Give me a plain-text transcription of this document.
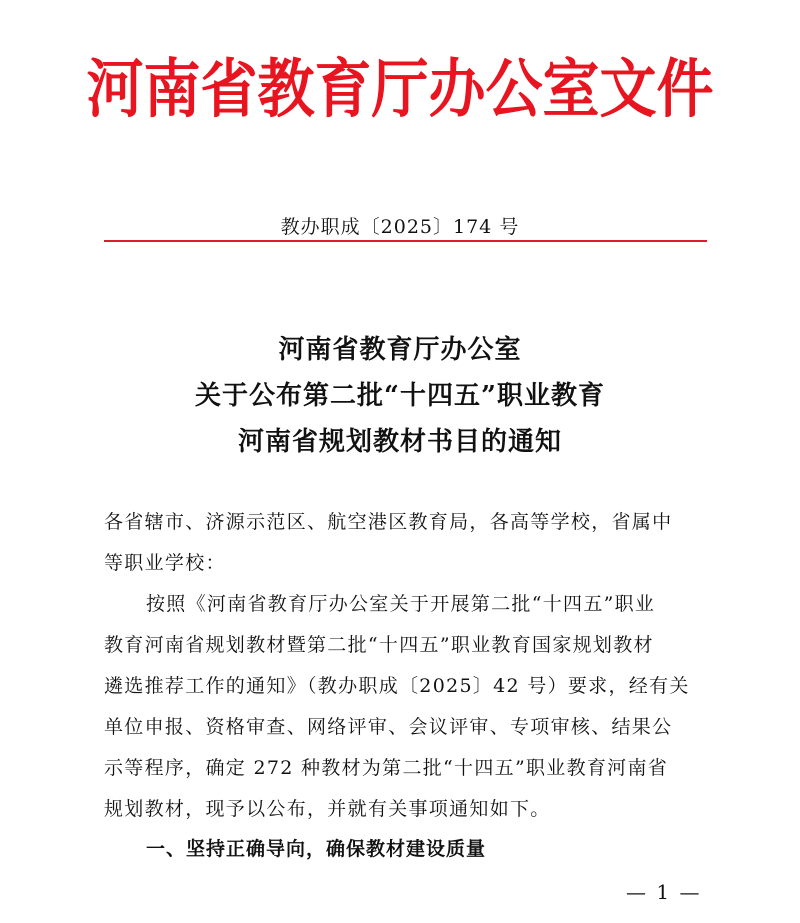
河南省教育厅办公室文件
教办职成〔2025〕174 号
河南省教育厅办公室
关于公布第二批“十四五”职业教育
河南省规划教材书目的通知
各省辖市、济源示范区、航空港区教育局，各高等学校，省属中
等职业学校：
按照《河南省教育厅办公室关于开展第二批“十四五”职业
教育河南省规划教材暨第二批“十四五”职业教育国家规划教材
遴选推荐工作的通知》（教办职成〔2025〕42 号）要求，经有关
单位申报、资格审查、网络评审、会议评审、专项审核、结果公
示等程序，确定 272 种教材为第二批“十四五”职业教育河南省
规划教材，现予以公布，并就有关事项通知如下。
一、坚持正确导向，确保教材建设质量
— 1 —
